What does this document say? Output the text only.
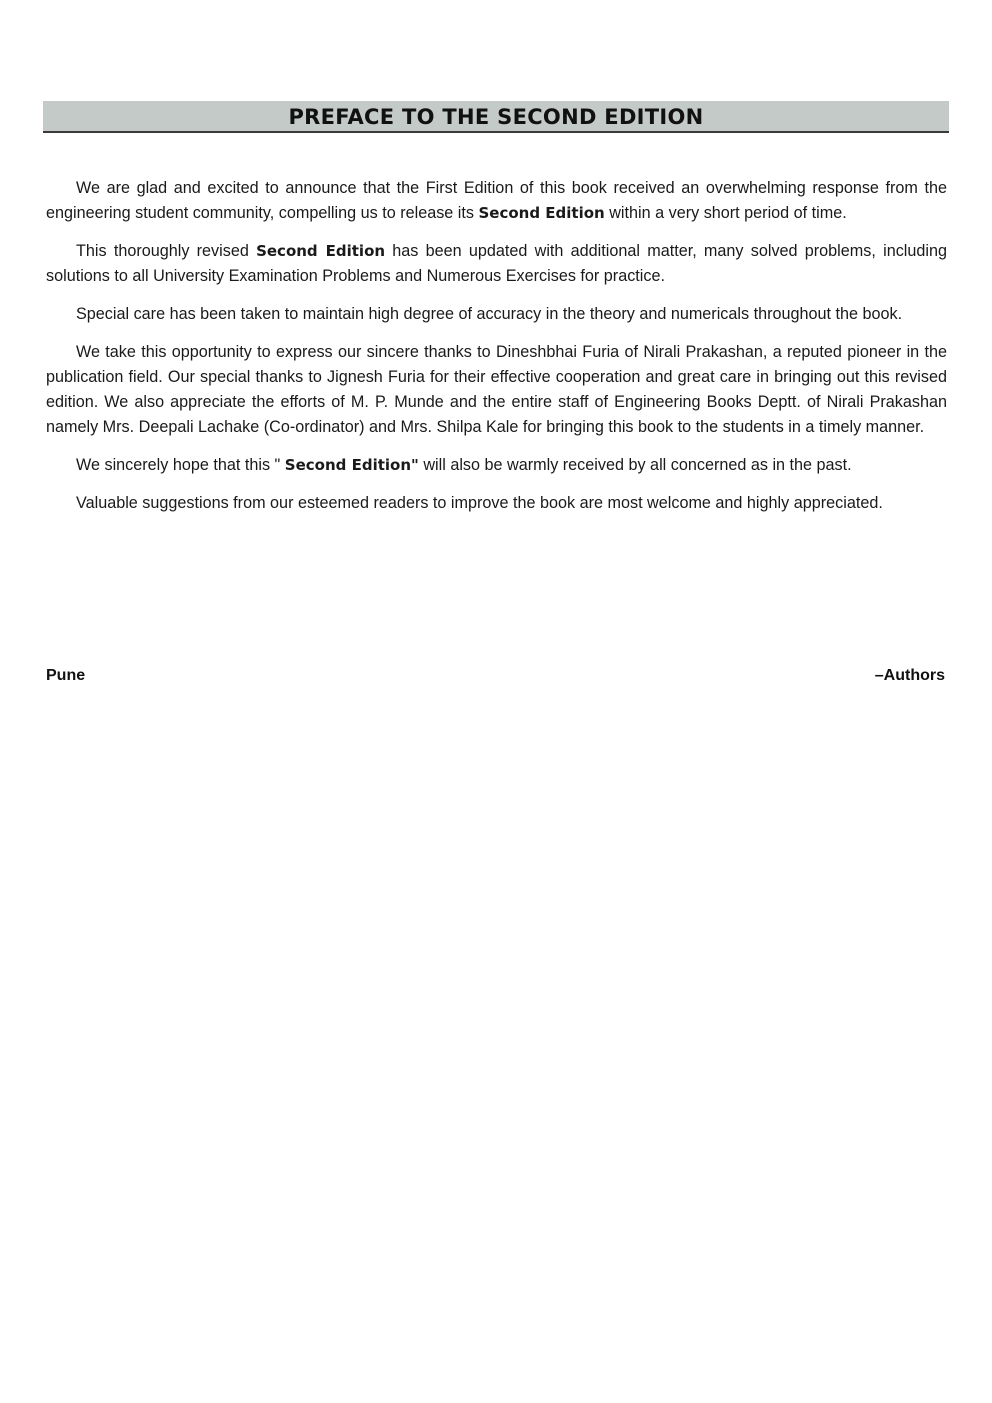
PREFACE TO THE SECOND EDITION

We are glad and excited to announce that the First Edition of this book received an overwhelming response from the engineering student community, compelling us to release its Second Edition within a very short period of time.

This thoroughly revised Second Edition has been updated with additional matter, many solved problems, including solutions to all University Examination Problems and Numerous Exercises for practice.

Special care has been taken to maintain high degree of accuracy in the theory and numericals throughout the book.

We take this opportunity to express our sincere thanks to Dineshbhai Furia of Nirali Prakashan, a reputed pioneer in the publication field. Our special thanks to Jignesh Furia for their effective cooperation and great care in bringing out this revised edition. We also appreciate the efforts of M. P. Munde and the entire staff of Engineering Books Deptt. of Nirali Prakashan namely Mrs. Deepali Lachake (Co-ordinator) and Mrs. Shilpa Kale for bringing this book to the students in a timely manner.

We sincerely hope that this " Second Edition" will also be warmly received by all concerned as in the past.

Valuable suggestions from our esteemed readers to improve the book are most welcome and highly appreciated.

Pune	–Authors
